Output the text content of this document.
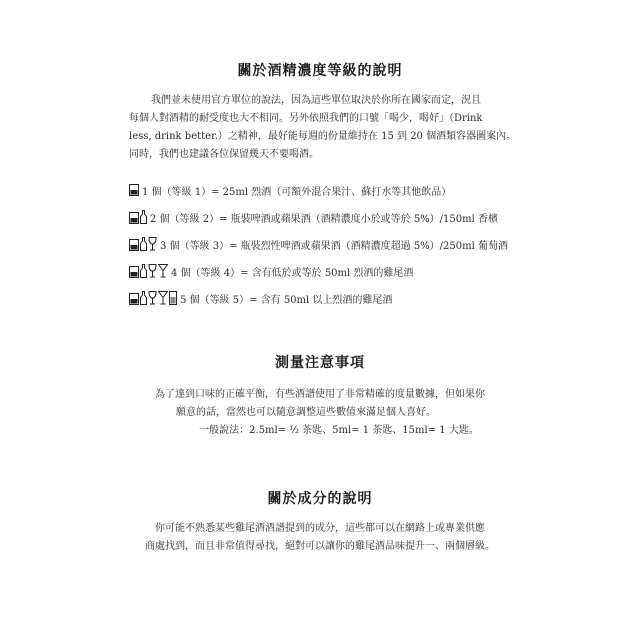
關於酒精濃度等級的說明

我們並未使用官方單位的說法，因為這些單位取決於你所在國家而定，況且

每個人對酒精的耐受度也大不相同。另外依照我們的口號「喝少，喝好」（Drink

less, drink better.）之精神，最好能每週的份量維持在 15 到 20 個酒類容器圖案內。

同時，我們也建議各位保留幾天不要喝酒。

1 個（等級 1）= 25ml 烈酒（可額外混合果汁、蘇打水等其他飲品）
2 個（等級 2）= 瓶裝啤酒或蘋果酒（酒精濃度小於或等於 5%）/150ml 香檳
3 個（等級 3）= 瓶裝烈性啤酒或蘋果酒（酒精濃度超過 5%）/250ml 葡萄酒
4 個（等級 4）= 含有低於或等於 50ml 烈酒的雞尾酒
5 個（等級 5）= 含有 50ml 以上烈酒的雞尾酒
測量注意事項

為了達到口味的正確平衡，有些酒譜使用了非常精確的度量數據，但如果你

願意的話，當然也可以隨意調整這些數值來滿足個人喜好。

一般說法：2.5ml= ½ 茶匙、5ml= 1 茶匙、15ml= 1 大匙。

關於成分的說明

你可能不熟悉某些雞尾酒酒譜提到的成分，這些都可以在網路上或專業供應

商處找到，而且非常值得尋找，絕對可以讓你的雞尾酒品味提升一、兩個層級。
